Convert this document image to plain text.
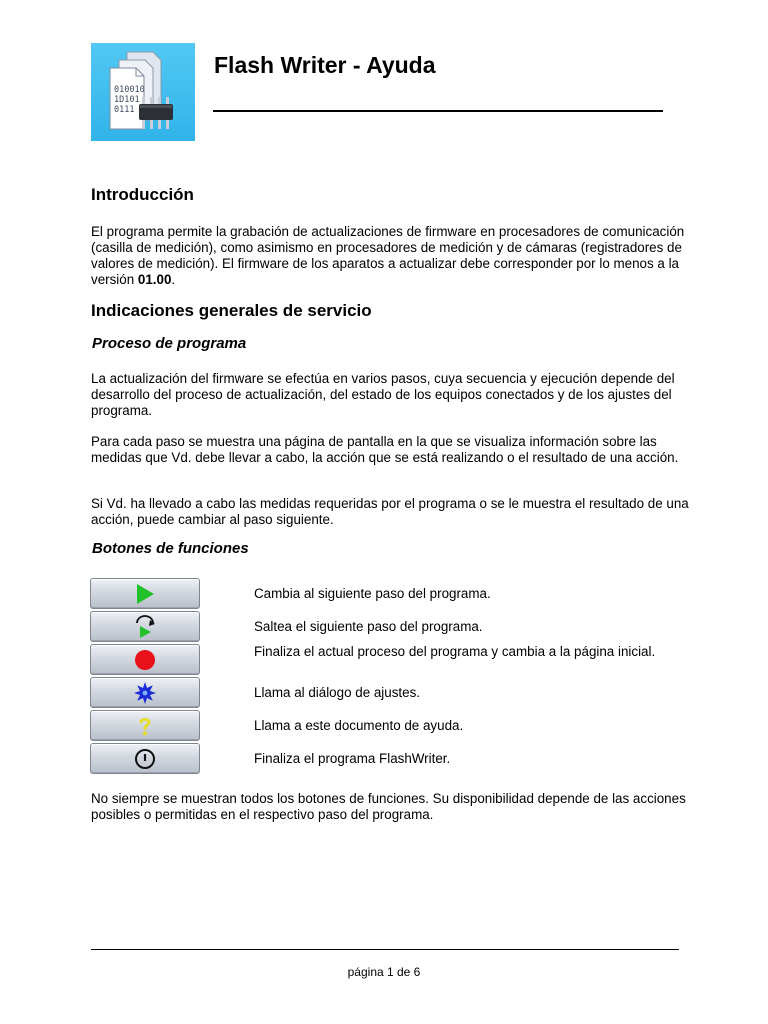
010010
1D101
0111
Flash Writer - Ayuda
Introducción

El programa permite la grabación de actualizaciones de firmware en procesadores de comunicación (casilla de medición), como asimismo en procesadores de medición y de cámaras (registradores de valores de medición). El firmware de los aparatos a actualizar debe corresponder por lo menos a la versión 01.00.

Indicaciones generales de servicio
Proceso de programa

La actualización del firmware se efectúa en varios pasos, cuya secuencia y ejecución depende del desarrollo del proceso de actualización, del estado de los equipos conectados y de los ajustes del programa.

Para cada paso se muestra una página de pantalla en la que se visualiza información sobre las medidas que Vd. debe llevar a cabo, la acción que se está realizando o el resultado de una acción.

Si Vd. ha llevado a cabo las medidas requeridas por el programa o se le muestra el resultado de una acción, puede cambiar al paso siguiente.

Botones de funciones

Cambia al siguiente paso del programa.

Saltea el siguiente paso del programa.

Finaliza el actual proceso del programa y cambia a la página inicial.

Llama al diálogo de ajustes.

Llama a este documento de ayuda.

Finaliza el programa FlashWriter.

No siempre se muestran todos los botones de funciones. Su disponibilidad depende de las acciones posibles o permitidas en el respectivo paso del programa.

página 1 de 6
